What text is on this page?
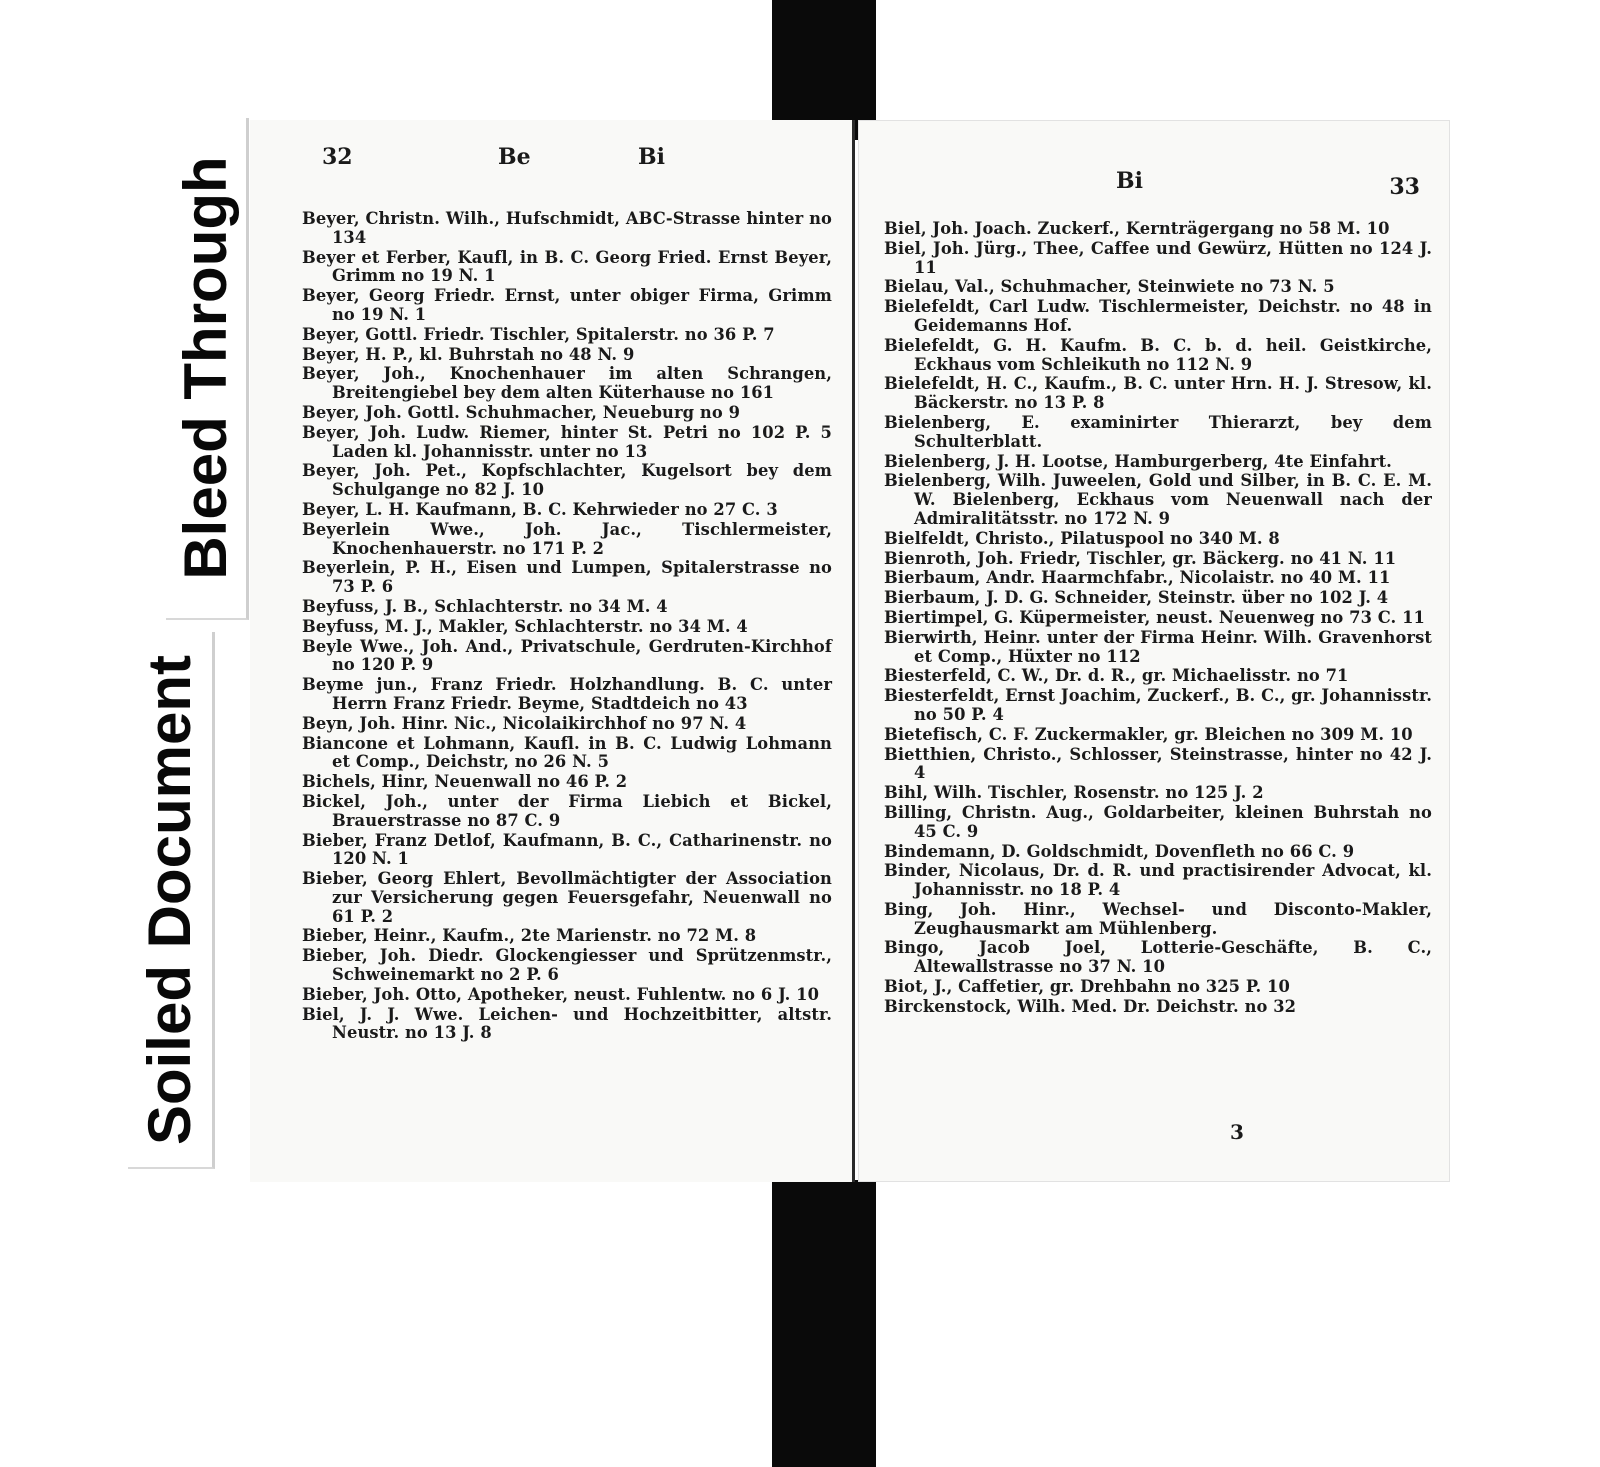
Bleed Through
Soiled Document
32	Be	Bi
Beyer, Christn. Wilh., Hufschmidt, ABC-Strasse hinter no 134
Beyer et Ferber, Kaufl, in B. C. Georg Fried. Ernst Beyer, Grimm no 19 N. 1
Beyer, Georg Friedr. Ernst, unter obiger Firma, Grimm no 19 N. 1
Beyer, Gottl. Friedr. Tischler, Spitalerstr. no 36 P. 7
Beyer, H. P., kl. Buhrstah no 48 N. 9
Beyer, Joh., Knochenhauer im alten Schrangen, Breitengiebel bey dem alten Küterhause no 161
Beyer, Joh. Gottl. Schuhmacher, Neueburg no 9
Beyer, Joh. Ludw. Riemer, hinter St. Petri no 102 P. 5 Laden kl. Johannisstr. unter no 13
Beyer, Joh. Pet., Kopfschlachter, Kugelsort bey dem Schulgange no 82 J. 10
Beyer, L. H. Kaufmann, B. C. Kehrwieder no 27 C. 3
Beyerlein Wwe., Joh. Jac., Tischlermeister, Knochenhauerstr. no 171 P. 2
Beyerlein, P. H., Eisen und Lumpen, Spitalerstrasse no 73 P. 6
Beyfuss, J. B., Schlachterstr. no 34 M. 4
Beyfuss, M. J., Makler, Schlachterstr. no 34 M. 4
Beyle Wwe., Joh. And., Privatschule, Gerdruten-Kirchhof no 120 P. 9
Beyme jun., Franz Friedr. Holzhandlung. B. C. unter Herrn Franz Friedr. Beyme, Stadtdeich no 43
Beyn, Joh. Hinr. Nic., Nicolaikirchhof no 97 N. 4
Biancone et Lohmann, Kaufl. in B. C. Ludwig Lohmann et Comp., Deichstr, no 26 N. 5
Bichels, Hinr, Neuenwall no 46 P. 2
Bickel, Joh., unter der Firma Liebich et Bickel, Brauerstrasse no 87 C. 9
Bieber, Franz Detlof, Kaufmann, B. C., Catharinenstr. no 120 N. 1
Bieber, Georg Ehlert, Bevollmächtigter der Association zur Versicherung gegen Feuersgefahr, Neuenwall no 61 P. 2
Bieber, Heinr., Kaufm., 2te Marienstr. no 72 M. 8
Bieber, Joh. Diedr. Glockengiesser und Sprützenmstr., Schweinemarkt no 2 P. 6
Bieber, Joh. Otto, Apotheker, neust. Fuhlentw. no 6 J. 10
Biel, J. J. Wwe. Leichen- und Hochzeitbitter, altstr. Neustr. no 13 J. 8
Bi	33
Biel, Joh. Joach. Zuckerf., Kernträgergang no 58 M. 10
Biel, Joh. Jürg., Thee, Caffee und Gewürz, Hütten no 124 J. 11
Bielau, Val., Schuhmacher, Steinwiete no 73 N. 5
Bielefeldt, Carl Ludw. Tischlermeister, Deichstr. no 48 in Geidemanns Hof.
Bielefeldt, G. H. Kaufm. B. C. b. d. heil. Geistkirche, Eckhaus vom Schleikuth no 112 N. 9
Bielefeldt, H. C., Kaufm., B. C. unter Hrn. H. J. Stresow, kl. Bäckerstr. no 13 P. 8
Bielenberg, E. examinirter Thierarzt, bey dem Schulterblatt.
Bielenberg, J. H. Lootse, Hamburgerberg, 4te Einfahrt.
Bielenberg, Wilh. Juweelen, Gold und Silber, in B. C. E. M. W. Bielenberg, Eckhaus vom Neuenwall nach der Admiralitätsstr. no 172 N. 9
Bielfeldt, Christo., Pilatuspool no 340 M. 8
Bienroth, Joh. Friedr, Tischler, gr. Bäckerg. no 41 N. 11
Bierbaum, Andr. Haarmchfabr., Nicolaistr. no 40 M. 11
Bierbaum, J. D. G. Schneider, Steinstr. über no 102 J. 4
Biertimpel, G. Küpermeister, neust. Neuenweg no 73 C. 11
Bierwirth, Heinr. unter der Firma Heinr. Wilh. Gravenhorst et Comp., Hüxter no 112
Biesterfeld, C. W., Dr. d. R., gr. Michaelisstr. no 71
Biesterfeldt, Ernst Joachim, Zuckerf., B. C., gr. Johannisstr. no 50 P. 4
Bietefisch, C. F. Zuckermakler, gr. Bleichen no 309 M. 10
Bietthien, Christo., Schlosser, Steinstrasse, hinter no 42 J. 4
Bihl, Wilh. Tischler, Rosenstr. no 125 J. 2
Billing, Christn. Aug., Goldarbeiter, kleinen Buhrstah no 45 C. 9
Bindemann, D. Goldschmidt, Dovenfleth no 66 C. 9
Binder, Nicolaus, Dr. d. R. und practisirender Advocat, kl. Johannisstr. no 18 P. 4
Bing, Joh. Hinr., Wechsel- und Disconto-Makler, Zeughausmarkt am Mühlenberg.
Bingo, Jacob Joel, Lotterie-Geschäfte, B. C., Altewallstrasse no 37 N. 10
Biot, J., Caffetier, gr. Drehbahn no 325 P. 10
Birckenstock, Wilh. Med. Dr. Deichstr. no 32
3
